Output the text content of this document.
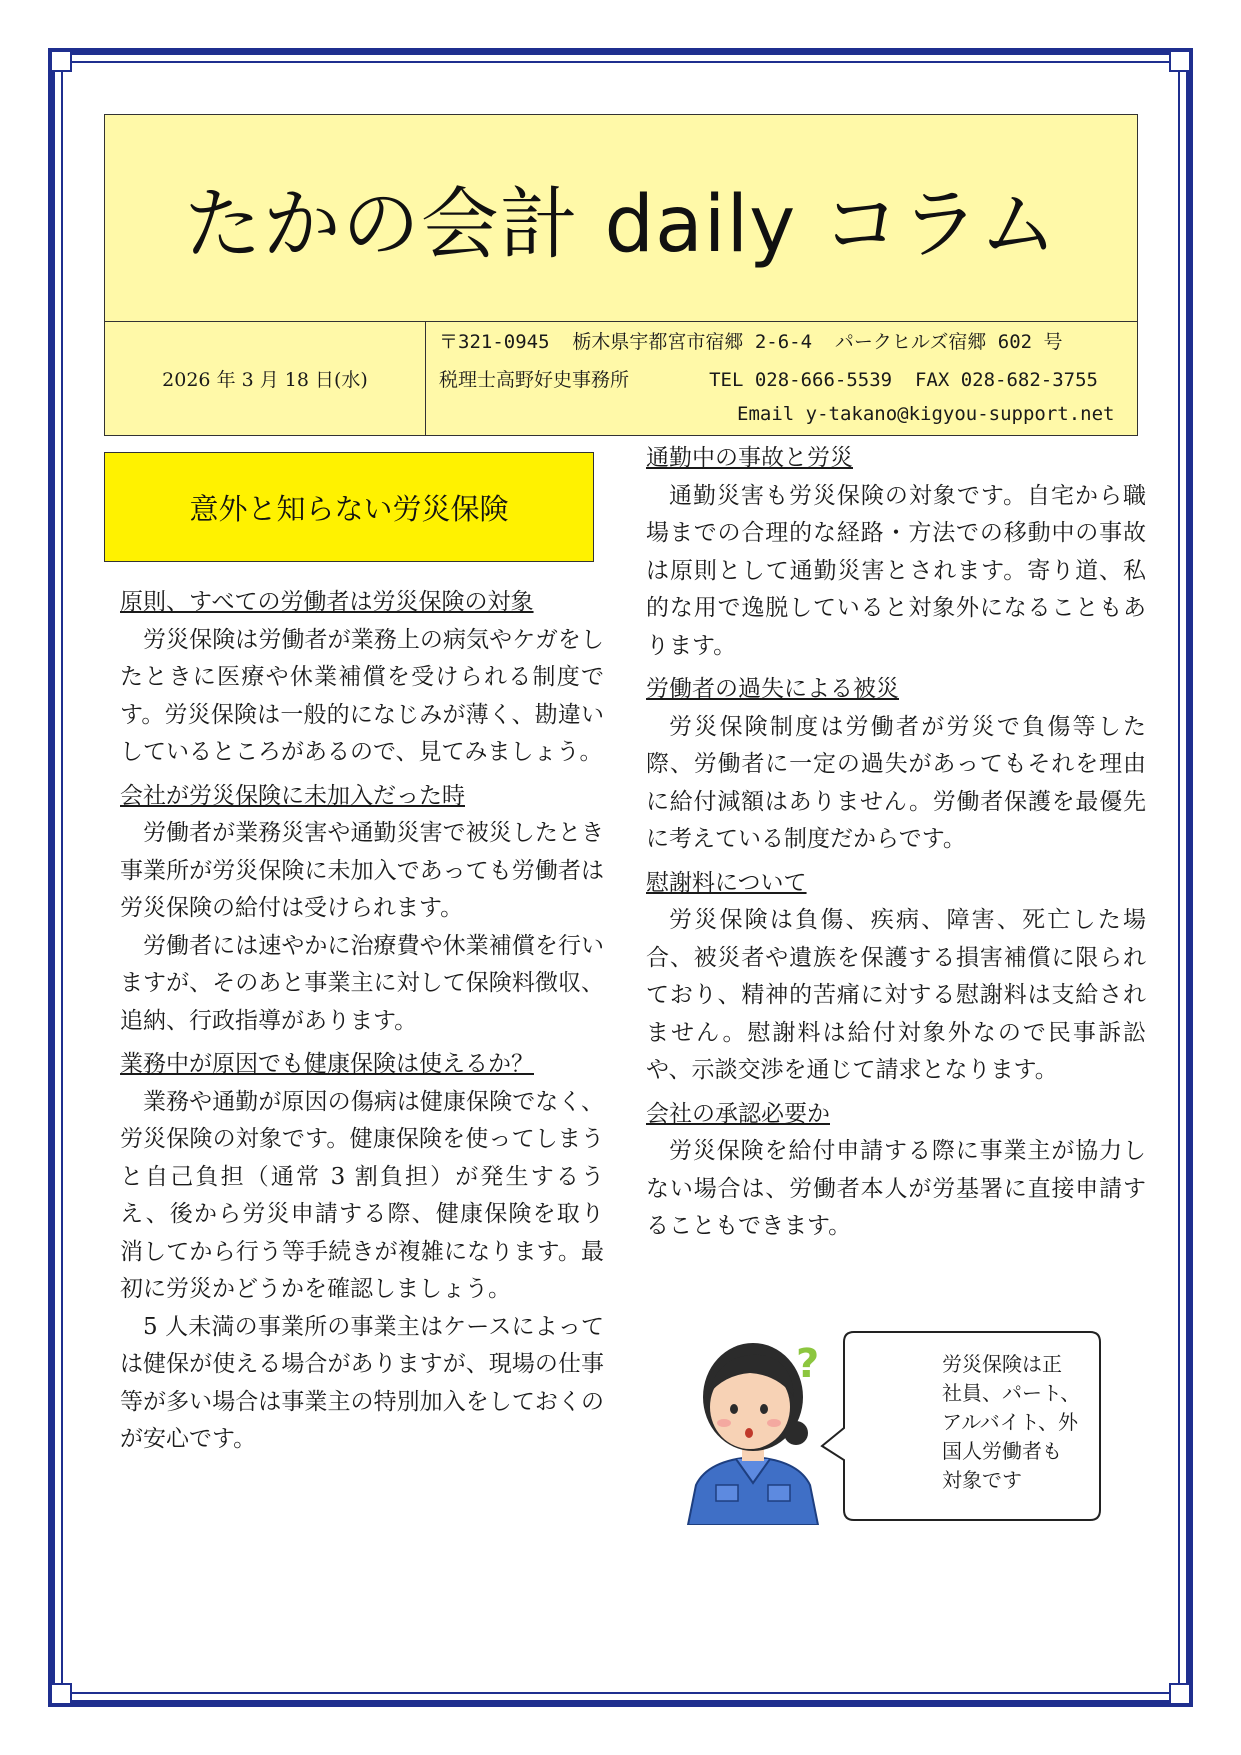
たかの会計 daily コラム
2026 年 3 月 18 日(水)
〒321-0945  栃木県宇都宮市宿郷 2-6-4  パークヒルズ宿郷 602 号
税理士高野好史事務所       TEL 028-666-5539  FAX 028-682-3755
Email y-takano@kigyou-support.net
意外と知らない労災保険
原則、すべての労働者は労災保険の対象

労災保険は労働者が業務上の病気やケガをしたときに医療や休業補償を受けられる制度です。労災保険は一般的になじみが薄く、勘違いしているところがあるので、見てみましょう。

会社が労災保険に未加入だった時

労働者が業務災害や通勤災害で被災したとき事業所が労災保険に未加入であっても労働者は労災保険の給付は受けられます。

労働者には速やかに治療費や休業補償を行いますが、そのあと事業主に対して保険料徴収、追納、行政指導があります。

業務中が原因でも健康保険は使えるか？

業務や通勤が原因の傷病は健康保険でなく、労災保険の対象です。健康保険を使ってしまうと自己負担（通常 3 割負担）が発生するうえ、後から労災申請する際、健康保険を取り消してから行う等手続きが複雑になります。最初に労災かどうかを確認しましょう。

5 人未満の事業所の事業主はケースによっては健保が使える場合がありますが、現場の仕事等が多い場合は事業主の特別加入をしておくのが安心です。

通勤中の事故と労災

通勤災害も労災保険の対象です。自宅から職場までの合理的な経路・方法での移動中の事故は原則として通勤災害とされます。寄り道、私的な用で逸脱していると対象外になることもあります。

労働者の過失による被災

労災保険制度は労働者が労災で負傷等した際、労働者に一定の過失があってもそれを理由に給付減額はありません。労働者保護を最優先に考えている制度だからです。

慰謝料について

労災保険は負傷、疾病、障害、死亡した場合、被災者や遺族を保護する損害補償に限られており、精神的苦痛に対する慰謝料は支給されません。慰謝料は給付対象外なので民事訴訟や、示談交渉を通じて請求となります。

会社の承認必要か

労災保険を給付申請する際に事業主が協力しない場合は、労働者本人が労基署に直接申請することもできます。

?	労災保険は正
社員、パート、
アルバイト、外
国人労働者も
対象です
